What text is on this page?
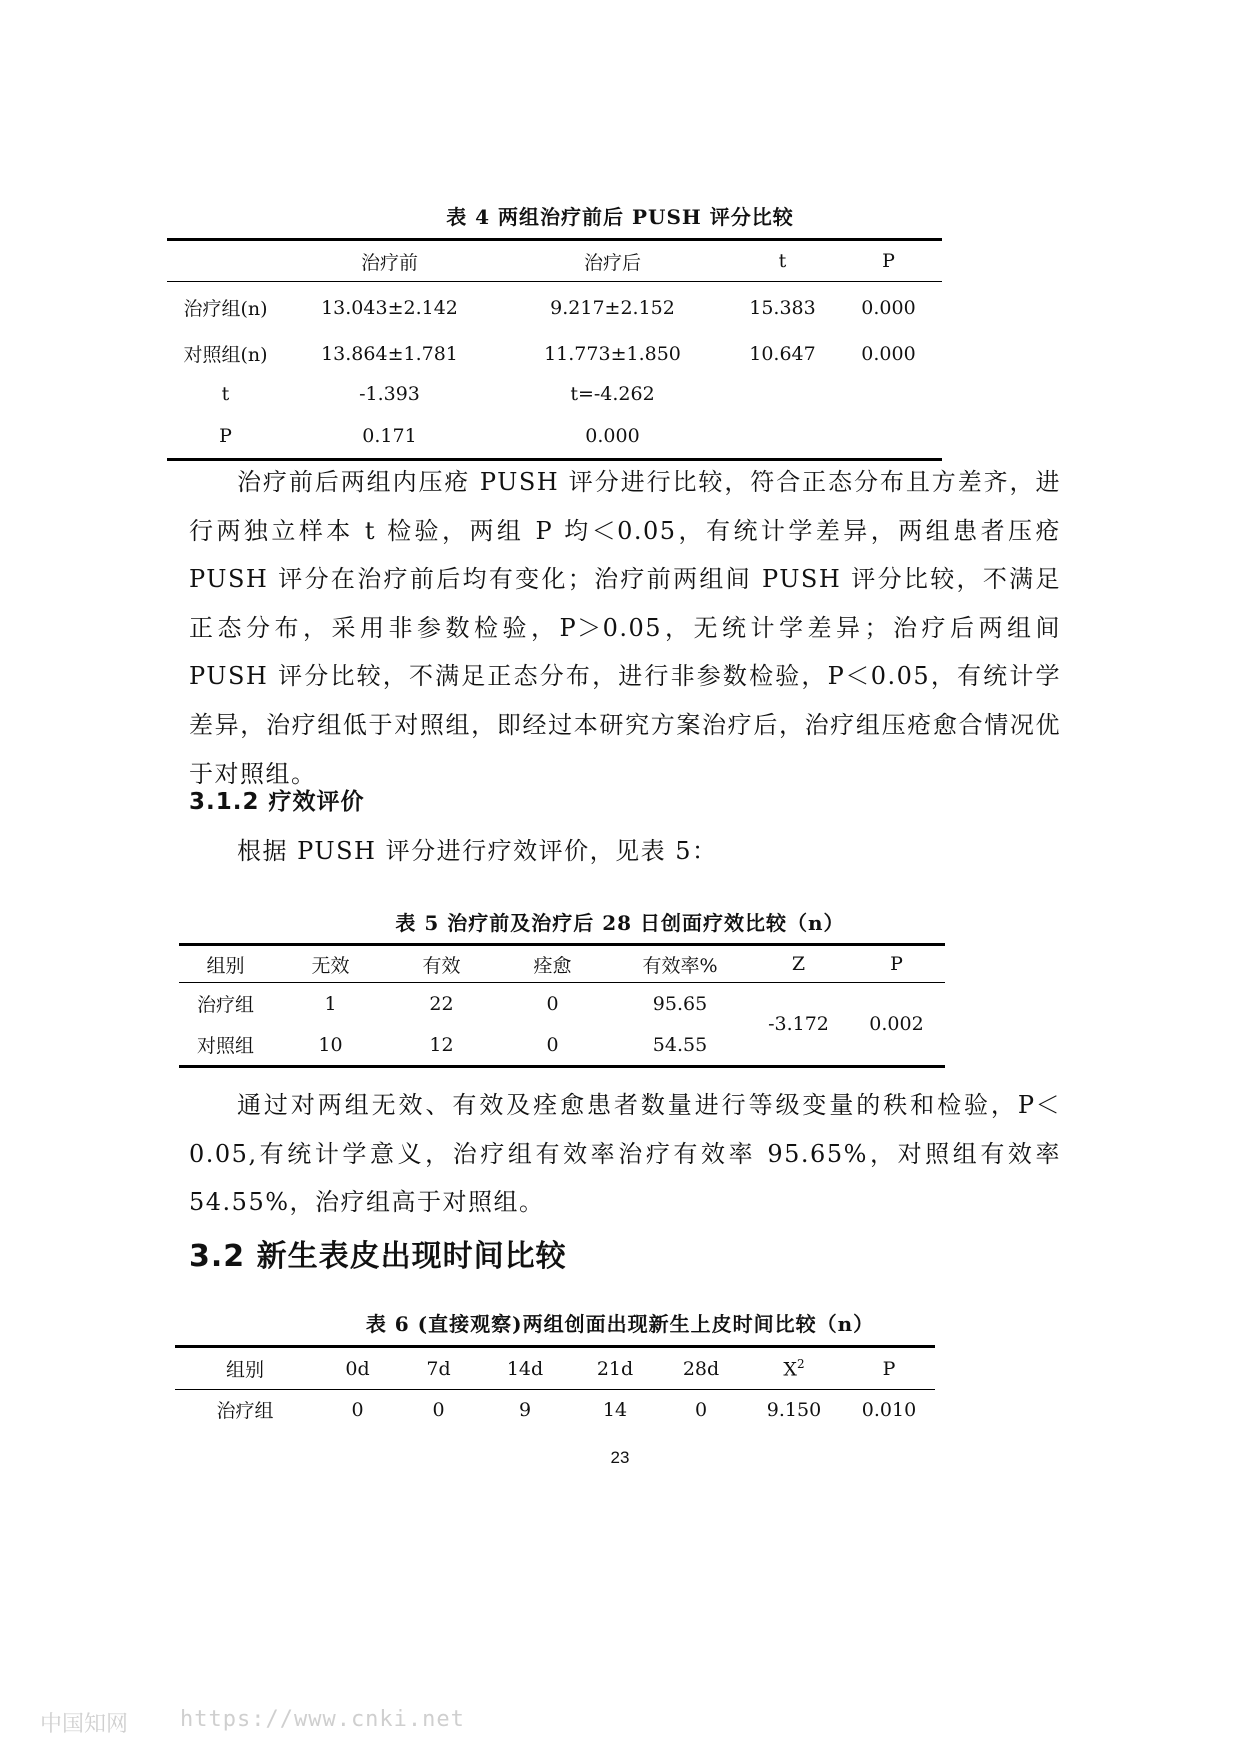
表 4 两组治疗前后 PUSH 评分比较
	治疗前	治疗后	t	P
治疗组(n)	13.043±2.142	9.217±2.152	15.383	0.000
对照组(n)	13.864±1.781	11.773±1.850	10.647	0.000
t	-1.393	t=-4.262		
P	0.171	0.000		
治疗前后两组内压疮 PUSH 评分进行比较，符合正态分布且方差齐，进行两独立样本 t 检验，两组 P 均＜0.05，有统计学差异，两组患者压疮 PUSH 评分在治疗前后均有变化；治疗前两组间 PUSH 评分比较，不满足正态分布，采用非参数检验，P＞0.05，无统计学差异；治疗后两组间 PUSH 评分比较，不满足正态分布，进行非参数检验，P＜0.05，有统计学差异，治疗组低于对照组，即经过本研究方案治疗后，治疗组压疮愈合情况优于对照组。
3.1.2 疗效评价
根据 PUSH 评分进行疗效评价，见表 5：
表 5 治疗前及治疗后 28 日创面疗效比较（n）
组别	无效	有效	痊愈	有效率%	Z	P
治疗组	1	22	0	95.65	-3.172	0.002
对照组	10	12	0	54.55		
通过对两组无效、有效及痊愈患者数量进行等级变量的秩和检验，P＜0.05,有统计学意义，治疗组有效率治疗有效率 95.65%，对照组有效率 54.55%，治疗组高于对照组。
3.2 新生表皮出现时间比较
表 6 (直接观察)两组创面出现新生上皮时间比较（n）
组别	0d	7d	14d	21d	28d	$X^2$	P
治疗组	0	0	9	14	0	9.150	0.010
23
中国知网 https://www.cnki.net
